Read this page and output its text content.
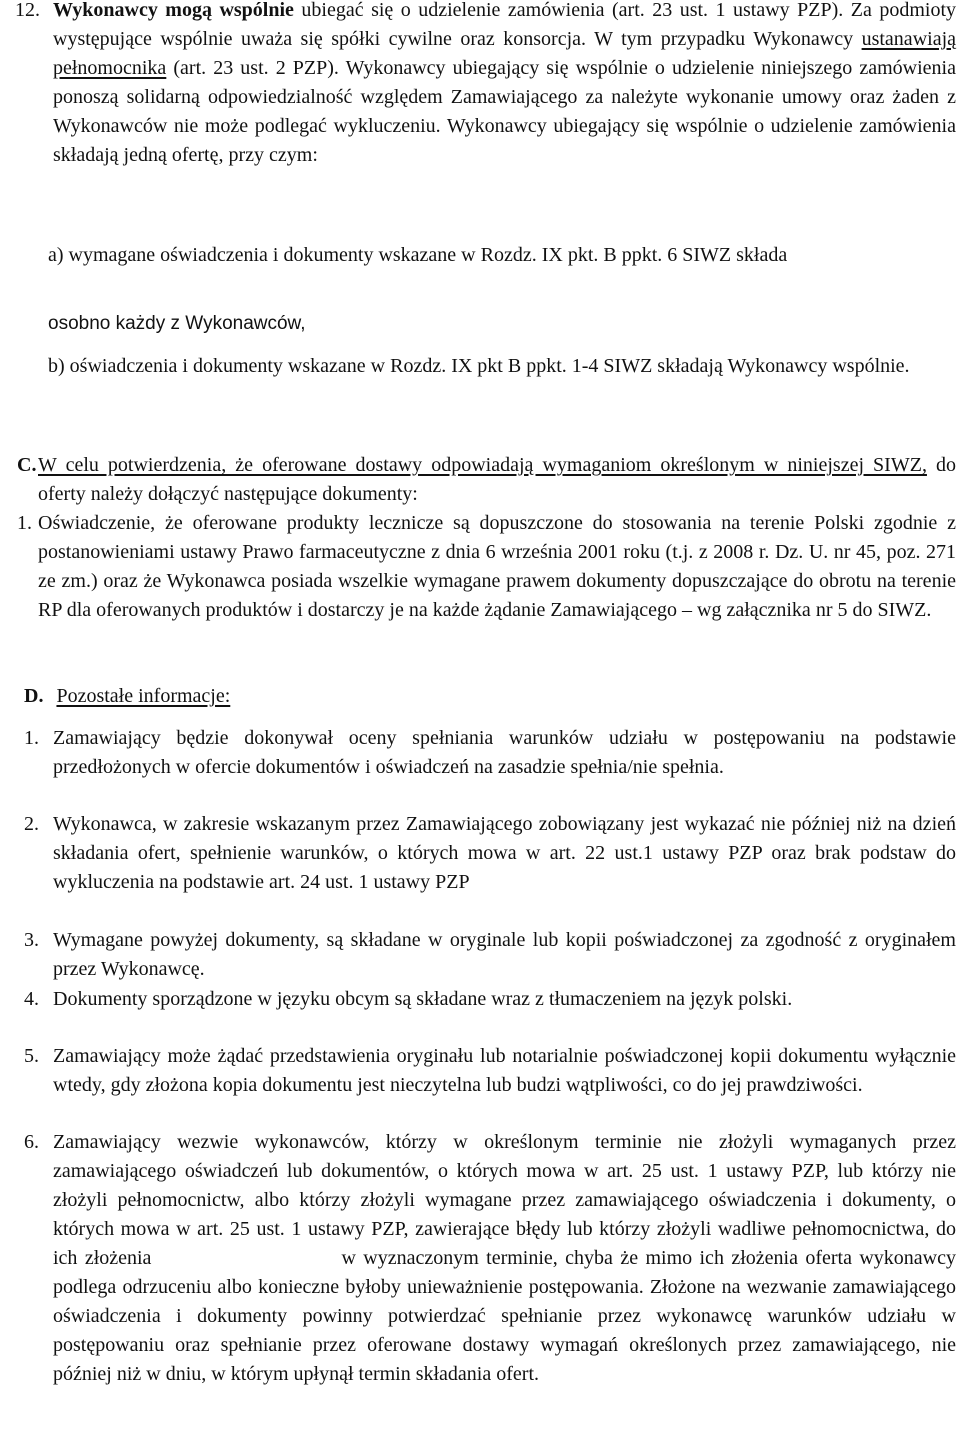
12. Wykonawcy mogą wspólnie ubiegać się o udzielenie zamówienia (art. 23 ust. 1 ustawy PZP). Za podmioty występujące wspólnie uważa się spółki cywilne oraz konsorcja. W tym przypadku Wykonawcy ustanawiają pełnomocnika (art. 23 ust. 2 PZP). Wykonawcy ubiegający się wspólnie o udzielenie niniejszego zamówienia ponoszą solidarną odpowiedzialność względem Zamawiającego za należyte wykonanie umowy oraz żaden z Wykonawców nie może podlegać wykluczeniu. Wykonawcy ubiegający się wspólnie o udzielenie zamówienia składają jedną ofertę, przy czym:
a) wymagane oświadczenia i dokumenty wskazane w Rozdz. IX pkt. B ppkt. 6 SIWZ składa
osobno każdy z Wykonawców,
b) oświadczenia i dokumenty wskazane w Rozdz. IX pkt B ppkt. 1-4 SIWZ składają Wykonawcy wspólnie.
C. W celu potwierdzenia, że oferowane dostawy odpowiadają wymaganiom określonym w niniejszej SIWZ, do oferty należy dołączyć następujące dokumenty:
1. Oświadczenie, że oferowane produkty lecznicze są dopuszczone do stosowania na terenie Polski zgodnie z postanowieniami ustawy Prawo farmaceutyczne z dnia 6 września 2001 roku (t.j. z 2008 r. Dz. U. nr 45, poz. 271 ze zm.) oraz że Wykonawca posiada wszelkie wymagane prawem dokumenty dopuszczające do obrotu na terenie RP dla oferowanych produktów i dostarczy je na każde żądanie Zamawiającego – wg załącznika nr 5 do SIWZ.
D. Pozostałe informacje:
1. Zamawiający będzie dokonywał oceny spełniania warunków udziału w postępowaniu na podstawie przedłożonych w ofercie dokumentów i oświadczeń na zasadzie spełnia/nie spełnia.
2. Wykonawca, w zakresie wskazanym przez Zamawiającego zobowiązany jest wykazać nie później niż na dzień składania ofert, spełnienie warunków, o których mowa w art. 22 ust.1 ustawy PZP oraz brak podstaw do wykluczenia na podstawie art. 24 ust. 1 ustawy PZP
3. Wymagane powyżej dokumenty, są składane w oryginale lub kopii poświadczonej za zgodność z oryginałem przez Wykonawcę.
4. Dokumenty sporządzone w języku obcym są składane wraz z tłumaczeniem na język polski.
5. Zamawiający może żądać przedstawienia oryginału lub notarialnie poświadczonej kopii dokumentu wyłącznie wtedy, gdy złożona kopia dokumentu jest nieczytelna lub budzi wątpliwości, co do jej prawdziwości.
6. Zamawiający wezwie wykonawców, którzy w określonym terminie nie złożyli wymaganych przez zamawiającego oświadczeń lub dokumentów, o których mowa w art. 25 ust. 1 ustawy PZP, lub którzy nie złożyli pełnomocnictw, albo którzy złożyli wymagane przez zamawiającego oświadczenia i dokumenty, o których mowa w art. 25 ust. 1 ustawy PZP, zawierające błędy lub którzy złożyli wadliwe pełnomocnictwa, do ich złożenia	w wyznaczonym terminie, chyba że mimo ich złożenia oferta wykonawcy podlega odrzuceniu albo konieczne byłoby unieważnienie postępowania. Złożone na wezwanie zamawiającego oświadczenia i dokumenty powinny potwierdzać spełnianie przez wykonawcę warunków udziału w postępowaniu oraz spełnianie przez oferowane dostawy wymagań określonych przez zamawiającego, nie później niż w dniu, w którym upłynął termin składania ofert.
